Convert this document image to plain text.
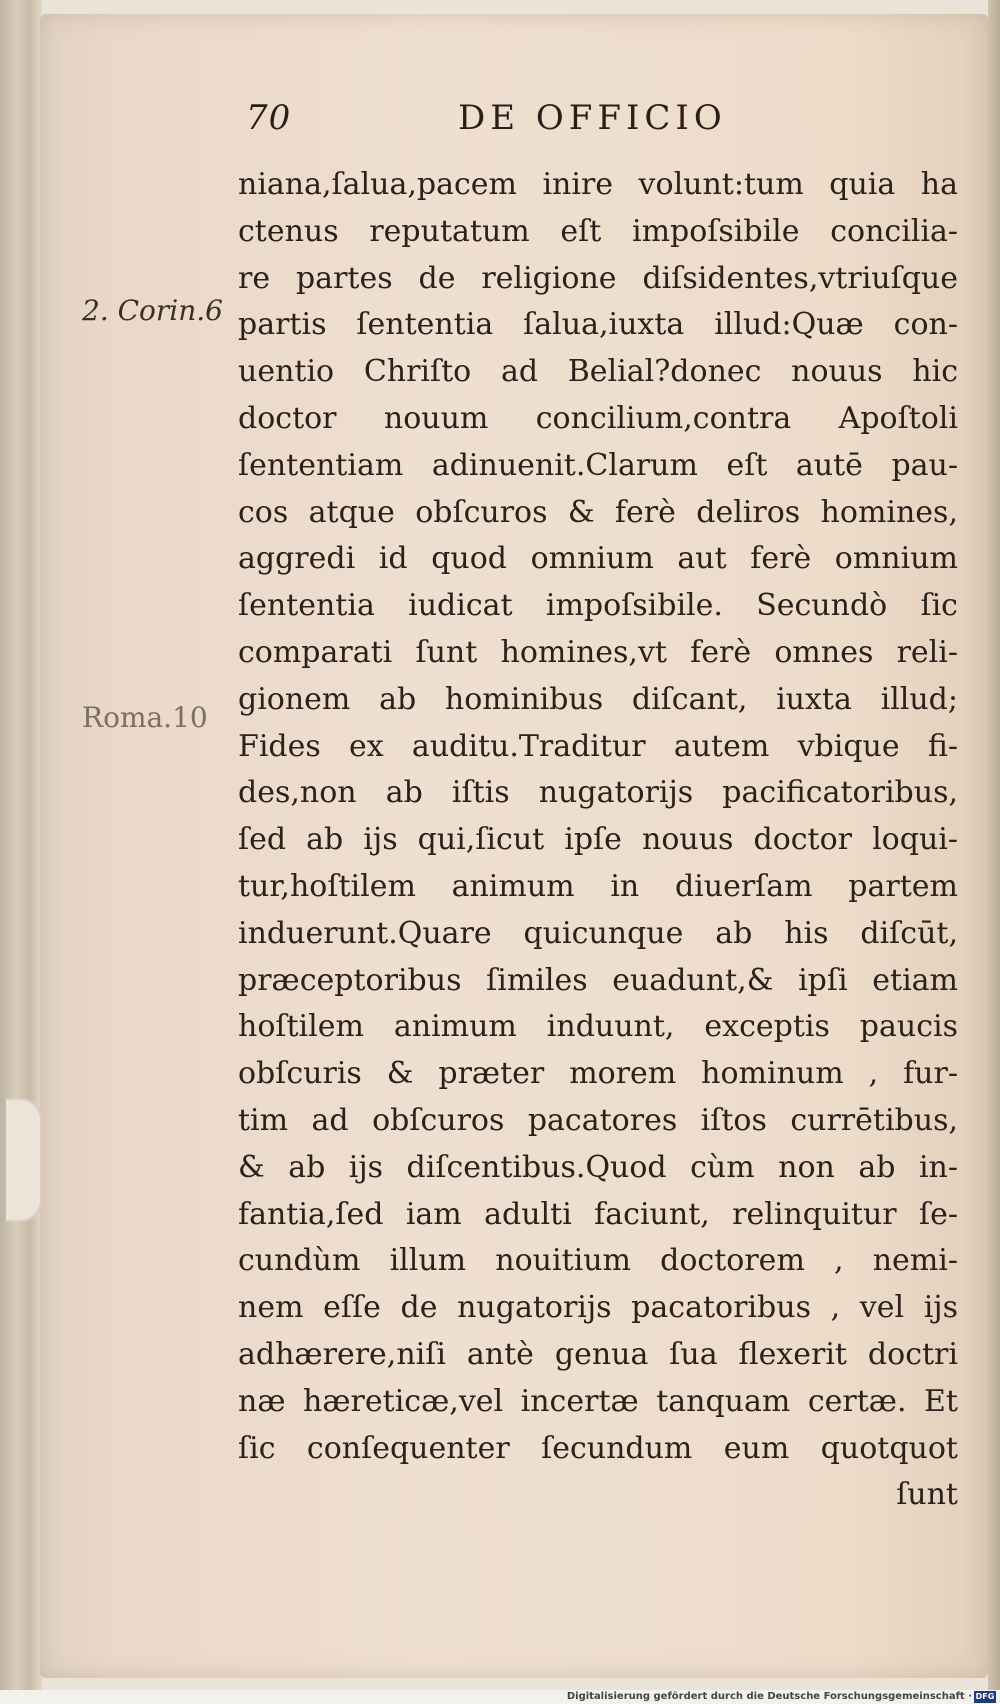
70	DE OFFICIO
2. Corin.6
Roma.10
niana,ſalua,pacem inire volunt:tum quia ha
ctenus reputatum eſt impoſsibile concilia-
re partes de religione diſsidentes,vtriuſque
partis ſententia ſalua,iuxta illud:Quæ con-
uentio Chriſto ad Belial?donec nouus hic
doctor nouum concilium,contra Apoſtoli
ſententiam adinuenit.Clarum eſt autē pau-
cos atque obſcuros & ferè deliros homines,
aggredi id quod omnium aut ferè omnium
ſententia iudicat impoſsibile. Secundò ſic
comparati ſunt homines,vt ferè omnes reli-
gionem ab hominibus diſcant, iuxta illud;
Fides ex auditu.Traditur autem vbique fi-
des,non ab iſtis nugatorijs pacificatoribus,
ſed ab ijs qui,ſicut ipſe nouus doctor loqui-
tur,hoſtilem animum in diuerſam partem
induerunt.Quare quicunque ab his diſcūt,
præceptoribus ſimiles euadunt,& ipſi etiam
hoſtilem animum induunt, exceptis paucis
obſcuris & præter morem hominum , fur-
tim ad obſcuros pacatores iſtos currētibus,
& ab ijs diſcentibus.Quod cùm non ab in-
fantia,ſed iam adulti faciunt, relinquitur ſe-
cundùm illum nouitium doctorem , nemi-
nem eſſe de nugatorijs pacatoribus , vel ijs
adhærere,niſi antè genua ſua flexerit doctri
næ hæreticæ,vel incertæ tanquam certæ. Et
ſic conſequenter ſecundum eum quotquot
ſunt
Digitalisierung gefördert durch die Deutsche Forschungsgemeinschaft · DFG
